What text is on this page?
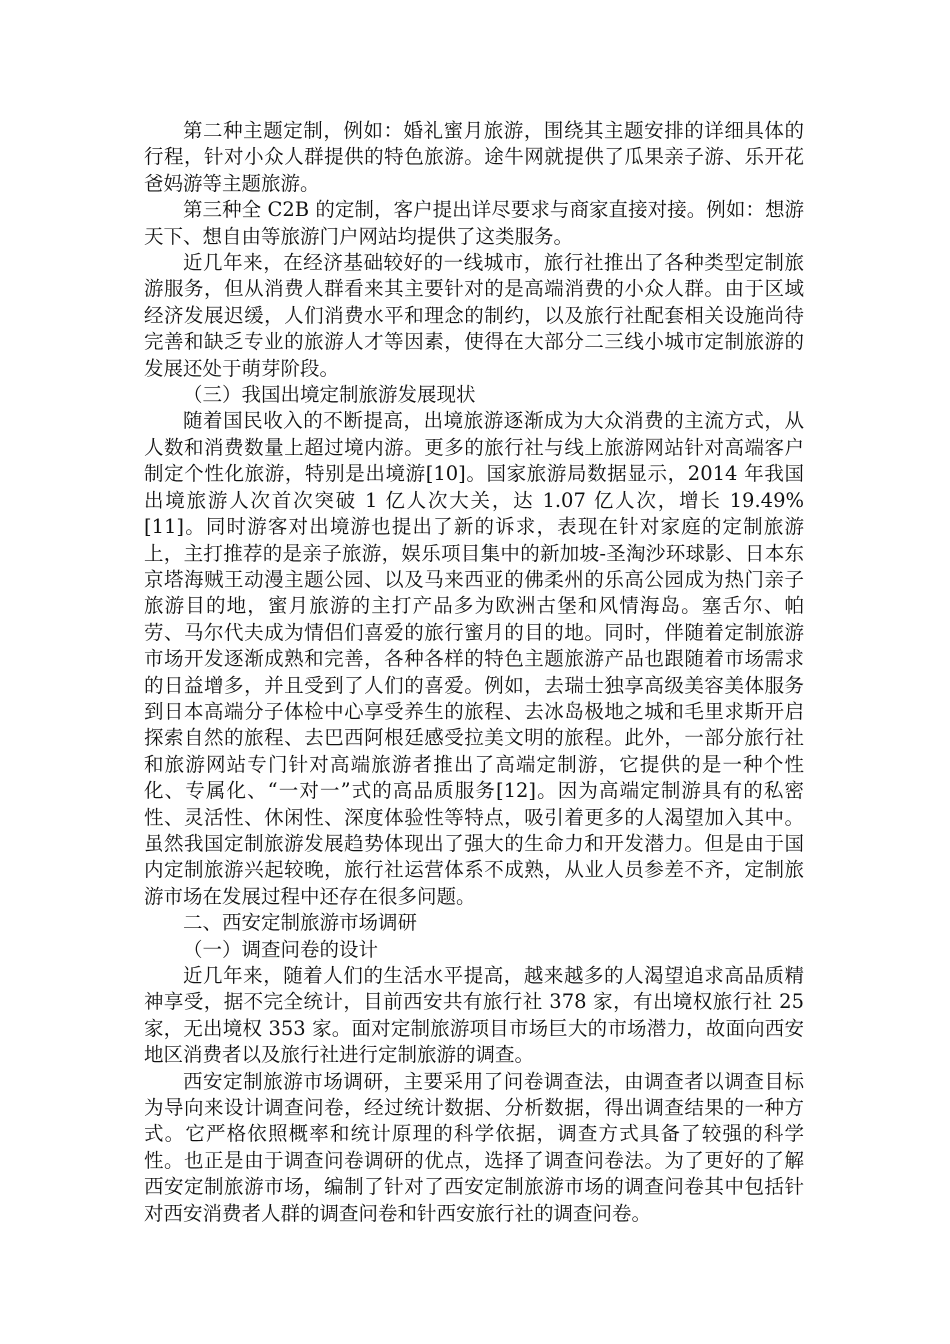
第二种主题定制，例如：婚礼蜜月旅游，围绕其主题安排的详细具体的行程，针对小众人群提供的特色旅游。途牛网就提供了瓜果亲子游、乐开花爸妈游等主题旅游。

第三种全 C2B 的定制，客户提出详尽要求与商家直接对接。例如：想游天下、想自由等旅游门户网站均提供了这类服务。

近几年来，在经济基础较好的一线城市，旅行社推出了各种类型定制旅游服务，但从消费人群看来其主要针对的是高端消费的小众人群。由于区域经济发展迟缓，人们消费水平和理念的制约，以及旅行社配套相关设施尚待完善和缺乏专业的旅游人才等因素，使得在大部分二三线小城市定制旅游的发展还处于萌芽阶段。

（三）我国出境定制旅游发展现状

随着国民收入的不断提高，出境旅游逐渐成为大众消费的主流方式，从人数和消费数量上超过境内游。更多的旅行社与线上旅游网站针对高端客户制定个性化旅游，特别是出境游[10]。国家旅游局数据显示，2014 年我国出境旅游人次首次突破 1 亿人次大关，达 1.07 亿人次，增长 19.49%[11]。同时游客对出境游也提出了新的诉求，表现在针对家庭的定制旅游上，主打推荐的是亲子旅游，娱乐项目集中的新加坡-圣淘沙环球影、日本东京塔海贼王动漫主题公园、以及马来西亚的佛柔州的乐高公园成为热门亲子旅游目的地，蜜月旅游的主打产品多为欧洲古堡和风情海岛。塞舌尔、帕劳、马尔代夫成为情侣们喜爱的旅行蜜月的目的地。同时，伴随着定制旅游市场开发逐渐成熟和完善，各种各样的特色主题旅游产品也跟随着市场需求的日益增多，并且受到了人们的喜爱。例如，去瑞士独享高级美容美体服务到日本高端分子体检中心享受养生的旅程、去冰岛极地之城和毛里求斯开启探索自然的旅程、去巴西阿根廷感受拉美文明的旅程。此外，一部分旅行社和旅游网站专门针对高端旅游者推出了高端定制游，它提供的是一种个性化、专属化、“一对一”式的高品质服务[12]。因为高端定制游具有的私密性、灵活性、休闲性、深度体验性等特点，吸引着更多的人渴望加入其中。虽然我国定制旅游发展趋势体现出了强大的生命力和开发潜力。但是由于国内定制旅游兴起较晚，旅行社运营体系不成熟，从业人员参差不齐，定制旅游市场在发展过程中还存在很多问题。

二、西安定制旅游市场调研

（一）调查问卷的设计

近几年来，随着人们的生活水平提高，越来越多的人渴望追求高品质精神享受，据不完全统计，目前西安共有旅行社 378 家，有出境权旅行社 25 家，无出境权 353 家。面对定制旅游项目市场巨大的市场潜力，故面向西安地区消费者以及旅行社进行定制旅游的调查。

西安定制旅游市场调研，主要采用了问卷调查法，由调查者以调查目标为导向来设计调查问卷，经过统计数据、分析数据，得出调查结果的一种方式。它严格依照概率和统计原理的科学依据，调查方式具备了较强的科学性。也正是由于调查问卷调研的优点，选择了调查问卷法。为了更好的了解西安定制旅游市场，编制了针对了西安定制旅游市场的调查问卷其中包括针对西安消费者人群的调查问卷和针西安旅行社的调查问卷。
